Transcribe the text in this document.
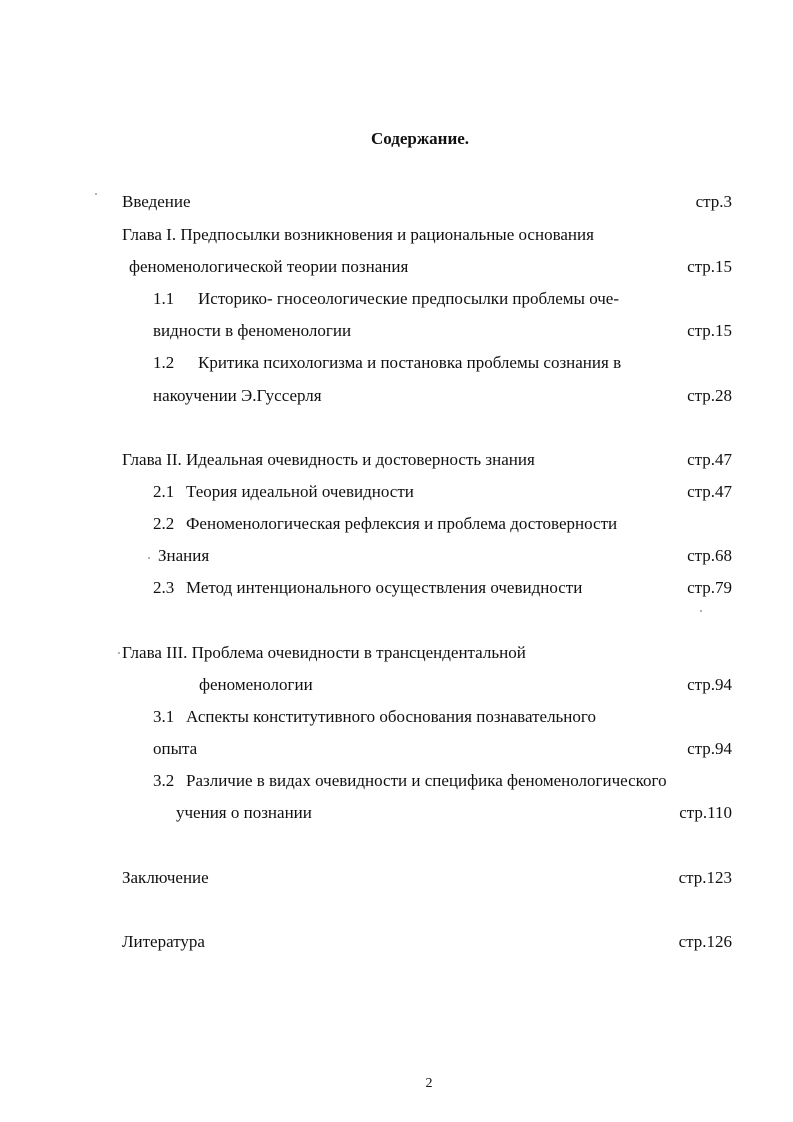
Содержание.
Введение	стр.3
Глава I. Предпосылки возникновения и рациональные основания
феноменологической теории познания	стр.15
1.1 Историко- гносеологические предпосылки проблемы оче-
видности в феноменологии	стр.15
1.2 Критика психологизма и постановка проблемы сознания в
накоучении Э.Гуссерля	стр.28
Глава II. Идеальная очевидность и достоверность знания	стр.47
2.1 Теория идеальной очевидности	стр.47
2.2 Феноменологическая рефлексия и проблема достоверности
Знания	стр.68
2.3 Метод интенционального осуществления очевидности	стр.79
Глава III. Проблема очевидности в трансцендентальной
феноменологии	стр.94
3.1 Аспекты конститутивного обоснования познавательного
опыта	стр.94
3.2 Различие в видах очевидности и специфика феноменологического
учения о познании	стр.110
Заключение	стр.123
Литература	стр.126
2
